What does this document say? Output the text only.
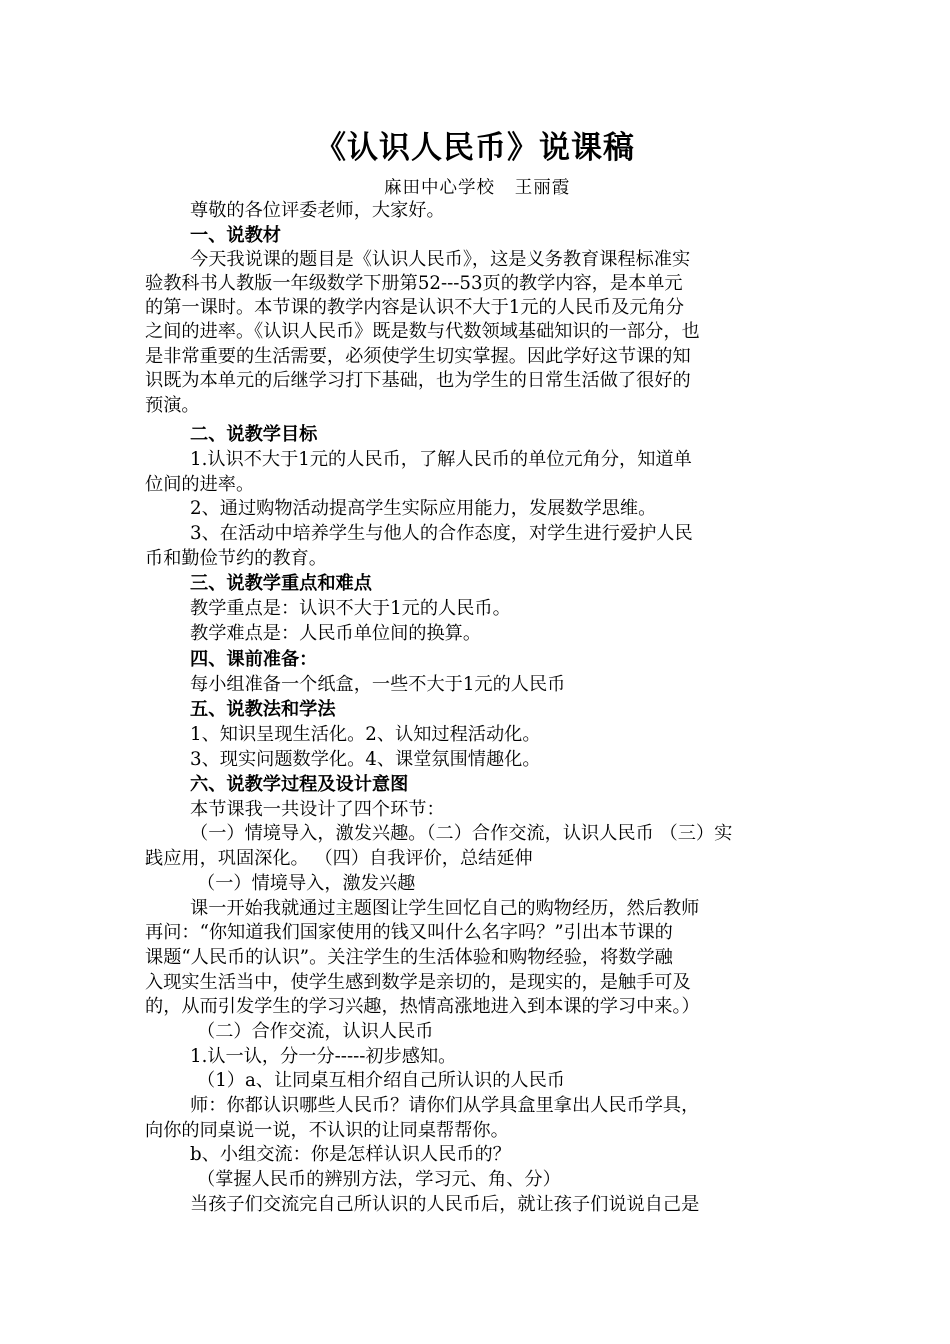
《认识人民币》说课稿
麻田中心学校   王丽霞
尊敬的各位评委老师，大家好。
一、说教材
今天我说课的题目是《认识人民币》，这是义务教育课程标准实
验教科书人教版一年级数学下册第52---53页的教学内容，是本单元
的第一课时。本节课的教学内容是认识不大于1元的人民币及元角分
之间的进率。《认识人民币》既是数与代数领域基础知识的一部分，也
是非常重要的生活需要，必须使学生切实掌握。因此学好这节课的知
识既为本单元的后继学习打下基础，也为学生的日常生活做了很好的
预演。
二、说教学目标
1.认识不大于1元的人民币，了解人民币的单位元角分，知道单
位间的进率。
2、通过购物活动提高学生实际应用能力，发展数学思维。
3、在活动中培养学生与他人的合作态度，对学生进行爱护人民
币和勤俭节约的教育。
三、说教学重点和难点
教学重点是：认识不大于1元的人民币。
教学难点是：人民币单位间的换算。
四、课前准备：
每小组准备一个纸盒，一些不大于1元的人民币
五、说教法和学法
1、知识呈现生活化。2、认知过程活动化。
3、现实问题数学化。4、课堂氛围情趣化。
六、说教学过程及设计意图
本节课我一共设计了四个环节：
（一）情境导入，激发兴趣。（二）合作交流，认识人民币 （三）实
践应用，巩固深化。 （四）自我评价，总结延伸
（一）情境导入，激发兴趣
课一开始我就通过主题图让学生回忆自己的购物经历，然后教师
再问：“你知道我们国家使用的钱又叫什么名字吗？”引出本节课的
课题“人民币的认识”。关注学生的生活体验和购物经验，将数学融
入现实生活当中，使学生感到数学是亲切的，是现实的，是触手可及
的，从而引发学生的学习兴趣，热情高涨地进入到本课的学习中来。）
（二）合作交流，认识人民币
1.认一认，分一分-----初步感知。
（1）a、让同桌互相介绍自己所认识的人民币
师：你都认识哪些人民币？请你们从学具盒里拿出人民币学具，
向你的同桌说一说，不认识的让同桌帮帮你。
b、小组交流：你是怎样认识人民币的？
（掌握人民币的辨别方法，学习元、角、分）
当孩子们交流完自己所认识的人民币后，就让孩子们说说自己是
